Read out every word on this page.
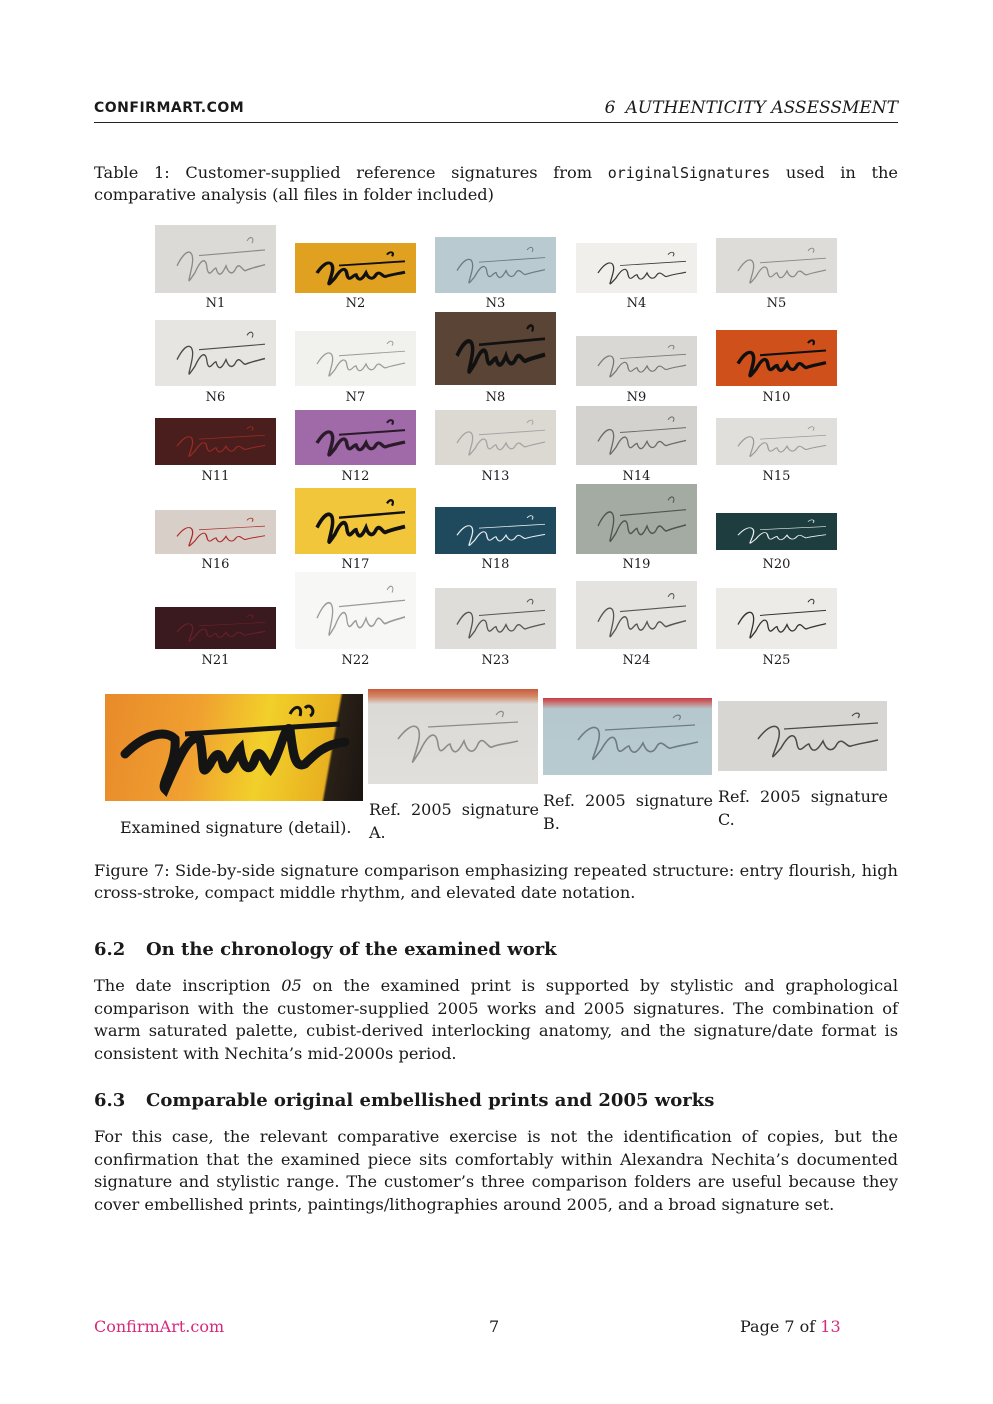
CONFIRMART.COM	6 AUTHENTICITY ASSESSMENT
Table 1: Customer-supplied reference signatures from originalSignatures used in the comparative analysis (all files in folder included)
N1	N2	N3	N4	N5
N6	N7	N8	N9	N10
N11	N12	N13	N14	N15
N16	N17	N18	N19	N20
N21	N22	N23	N24	N25
Examined signature (detail).
Ref. 2005 signature A.
Ref. 2005 signature B.
Ref. 2005 signature C.
Figure 7: Side-by-side signature comparison emphasizing repeated structure: entry flourish, high cross-stroke, compact middle rhythm, and elevated date notation.
6.2 On the chronology of the examined work
The date inscription 05 on the examined print is supported by stylistic and graphological comparison with the customer-supplied 2005 works and 2005 signatures. The combination of warm saturated palette, cubist-derived interlocking anatomy, and the signature/date format is consistent with Nechita’s mid-2000s period.
6.3 Comparable original embellished prints and 2005 works
For this case, the relevant comparative exercise is not the identification of copies, but the confirmation that the examined piece sits comfortably within Alexandra Nechita’s documented signature and stylistic range. The customer’s three comparison folders are useful because they cover embellished prints, paintings/lithographies around 2005, and a broad signature set.
ConfirmArt.com	7	Page 7 of 13
